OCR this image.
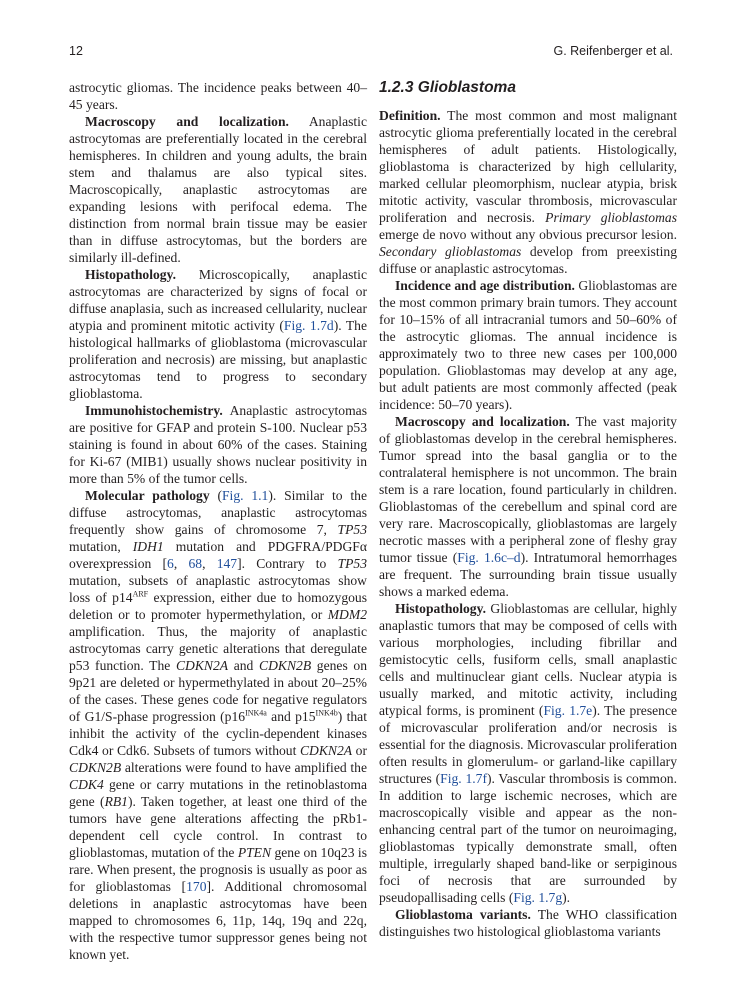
12	G. Reifenberger et al.

astrocytic gliomas. The incidence peaks between 40–45 years.

Macroscopy and localization. Anaplastic astrocytomas are preferentially located in the cerebral hemispheres. In children and young adults, the brain stem and thalamus are also typical sites. Macroscopically, anaplastic astrocytomas are expanding lesions with perifocal edema. The distinction from normal brain tissue may be easier than in diffuse astrocytomas, but the borders are similarly ill-defined.

Histopathology. Microscopically, anaplastic astrocytomas are characterized by signs of focal or diffuse anaplasia, such as increased cellularity, nuclear atypia and prominent mitotic activity (Fig. 1.7d). The histological hallmarks of glioblastoma (microvascular proliferation and necrosis) are missing, but anaplastic astrocytomas tend to progress to secondary glioblastoma.

Immunohistochemistry. Anaplastic astrocytomas are positive for GFAP and protein S-100. Nuclear p53 staining is found in about 60% of the cases. Staining for Ki-67 (MIB1) usually shows nuclear positivity in more than 5% of the tumor cells.

Molecular pathology (Fig. 1.1). Similar to the diffuse astrocytomas, anaplastic astrocytomas frequently show gains of chromosome 7, TP53 mutation, IDH1 mutation and PDGFRA/PDGFα overexpression [6, 68, 147]. Contrary to TP53 mutation, subsets of anaplastic astrocytomas show loss of $p14^{ARF}$ expression, either due to homozygous deletion or to promoter hypermethylation, or MDM2 amplification. Thus, the majority of anaplastic astrocytomas carry genetic alterations that deregulate p53 function. The CDKN2A and CDKN2B genes on 9p21 are deleted or hypermethylated in about 20–25% of the cases. These genes code for negative regulators of G1/S-phase progression ($p16^{INK4a}$ and $p15^{INK4b}$) that inhibit the activity of the cyclin-dependent kinases Cdk4 or Cdk6. Subsets of tumors without CDKN2A or CDKN2B alterations were found to have amplified the CDK4 gene or carry mutations in the retinoblastoma gene (RB1). Taken together, at least one third of the tumors have gene alterations affecting the pRb1-dependent cell cycle control. In contrast to glioblastomas, mutation of the PTEN gene on 10q23 is rare. When present, the prognosis is usually as poor as for glioblastomas [170]. Additional chromosomal deletions in anaplastic astrocytomas have been mapped to chromosomes 6, 11p, 14q, 19q and 22q, with the respective tumor suppressor genes being not known yet.

1.2.3 Glioblastoma

Definition. The most common and most malignant astrocytic glioma preferentially located in the cerebral hemispheres of adult patients. Histologically, glioblastoma is characterized by high cellularity, marked cellular pleomorphism, nuclear atypia, brisk mitotic activity, vascular thrombosis, microvascular proliferation and necrosis. Primary glioblastomas emerge de novo without any obvious precursor lesion. Secondary glioblastomas develop from preexisting diffuse or anaplastic astrocytomas.

Incidence and age distribution. Glioblastomas are the most common primary brain tumors. They account for 10–15% of all intracranial tumors and 50–60% of the astrocytic gliomas. The annual incidence is approximately two to three new cases per 100,000 population. Glioblastomas may develop at any age, but adult patients are most commonly affected (peak incidence: 50–70 years).

Macroscopy and localization. The vast majority of glioblastomas develop in the cerebral hemispheres. Tumor spread into the basal ganglia or to the contralateral hemisphere is not uncommon. The brain stem is a rare location, found particularly in children. Glioblastomas of the cerebellum and spinal cord are very rare. Macroscopically, glioblastomas are largely necrotic masses with a peripheral zone of fleshy gray tumor tissue (Fig. 1.6c–d). Intratumoral hemorrhages are frequent. The surrounding brain tissue usually shows a marked edema.

Histopathology. Glioblastomas are cellular, highly anaplastic tumors that may be composed of cells with various morphologies, including fibrillar and gemistocytic cells, fusiform cells, small anaplastic cells and multinuclear giant cells. Nuclear atypia is usually marked, and mitotic activity, including atypical forms, is prominent (Fig. 1.7e). The presence of microvascular proliferation and/or necrosis is essential for the diagnosis. Microvascular proliferation often results in glomerulum- or garland-like capillary structures (Fig. 1.7f). Vascular thrombosis is common. In addition to large ischemic necroses, which are macroscopically visible and appear as the non-enhancing central part of the tumor on neuroimaging, glioblastomas typically demonstrate small, often multiple, irregularly shaped band-like or serpiginous foci of necrosis that are surrounded by pseudopallisading cells (Fig. 1.7g).

Glioblastoma variants. The WHO classification distinguishes two histological glioblastoma variants
